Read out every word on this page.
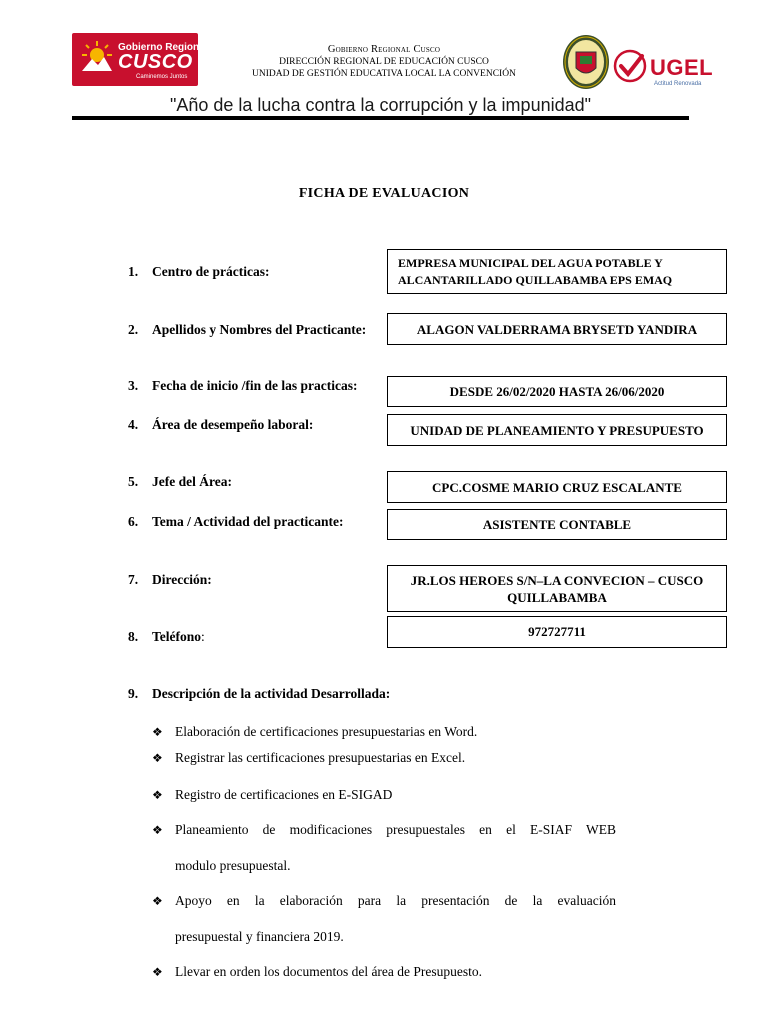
Gobierno Regional
CUSCO
Caminemos Juntos
Gobierno Regional Cusco
DIRECCIÓN REGIONAL DE EDUCACIÓN CUSCO
UNIDAD DE GESTIÓN EDUCATIVA LOCAL LA CONVENCIÓN	UGEL
Actitud Renovada
"Año de la lucha contra la corrupción y la impunidad"
FICHA DE EVALUACION
1. Centro de prácticas:
EMPRESA MUNICIPAL DEL AGUA POTABLE Y ALCANTARILLADO QUILLABAMBA EPS EMAQ
2. Apellidos y Nombres del Practicante:	ALAGON VALDERRAMA BRYSETD YANDIRA
3. Fecha de inicio /fin de las practicas:	DESDE 26/02/2020 HASTA 26/06/2020
4. Área de desempeño laboral:	UNIDAD DE PLANEAMIENTO Y PRESUPUESTO
5. Jefe del Área:	CPC.COSME MARIO CRUZ ESCALANTE
6. Tema / Actividad del practicante:	ASISTENTE CONTABLE
7. Dirección:	JR.LOS HEROES S/N–LA CONVECION – CUSCO QUILLABAMBA
8. Teléfono:	972727711
9. Descripción de la actividad Desarrollada:
❖ Elaboración de certificaciones presupuestarias en Word.
❖ Registrar las certificaciones presupuestarias en Excel.
❖ Registro de certificaciones en E-SIGAD
❖ Planeamiento de modificaciones presupuestales en el E-SIAF WEB
modulo presupuestal.
❖ Apoyo en la elaboración para la presentación de la evaluación
presupuestal y financiera 2019.
❖ Llevar en orden los documentos del área de Presupuesto.
